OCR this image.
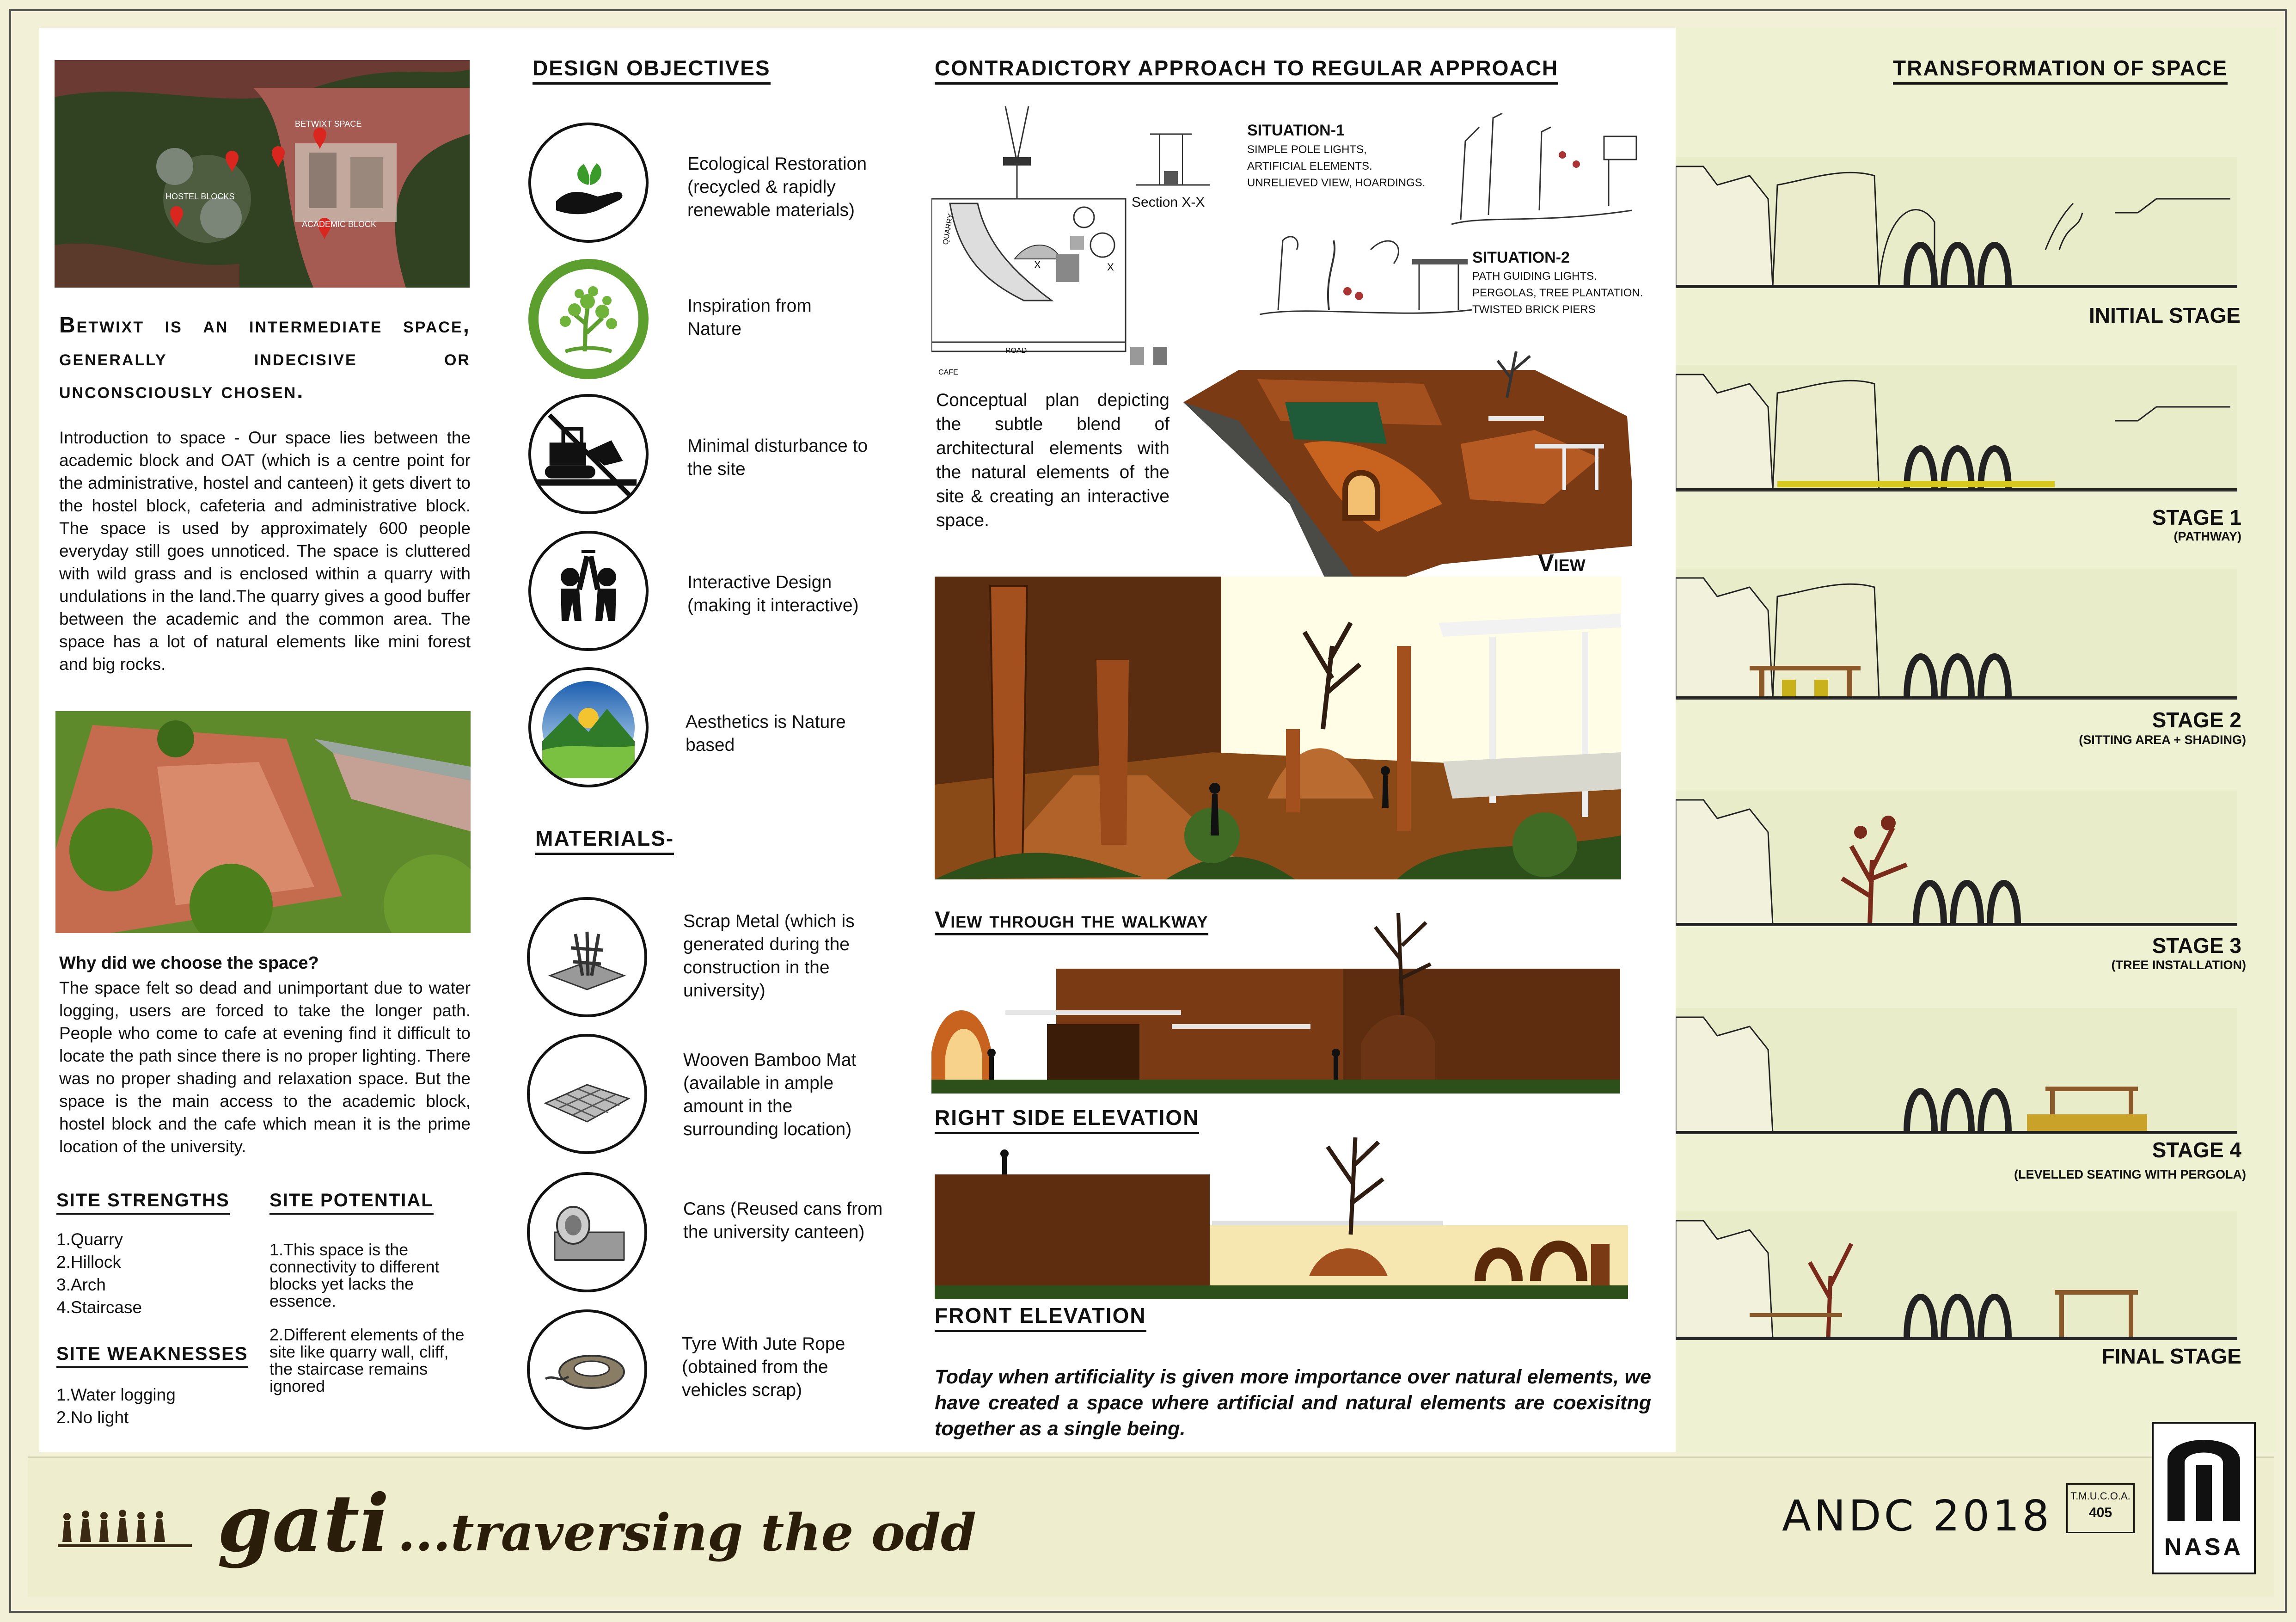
BETWIXT SPACE
HOSTEL BLOCKS
ACADEMIC BLOCK
Betwixt is an intermediate space, generally indecisive or unconsciously chosen.
Introduction to space - Our space lies between the academic block and OAT (which is a centre point for the administrative, hostel and canteen) it gets divert to the hostel block, cafeteria and administrative block. The space is used by approximately 600 people everyday still goes unnoticed. The space is cluttered with wild grass and is enclosed within a quarry with undulations in the land.The quarry gives a good buffer between the academic and the common area. The space has a lot of natural elements like mini forest and big rocks.
Why did we choose the space?
The space felt so dead and unimportant due to water logging, users are forced to take the longer path. People who come to cafe at evening find it difficult to locate the path since there is no proper lighting. There was no proper shading and relaxation space. But the space is the main access to the academic block, hostel block and the cafe which mean it is the prime location of the university.
SITE STRENGTHS
1.Quarry
2.Hillock
3.Arch
4.Staircase
SITE POTENTIAL
1.This space is the connectivity to different blocks yet lacks the essence.
2.Different elements of the site like quarry wall, cliff, the staircase remains ignored
SITE WEAKNESSES
1.Water logging
2.No light
DESIGN OBJECTIVES
Ecological Restoration (recycled & rapidly renewable materials)
Inspiration from Nature
Minimal disturbance to the site
Interactive Design (making it interactive)
Aesthetics is Nature based
MATERIALS-
Scrap Metal (which is generated during the construction in the university)
Wooven Bamboo Mat (available in ample amount in the surrounding location)
Cans (Reused cans from the university canteen)
Tyre With Jute Rope (obtained from the vehicles scrap)
CONTRADICTORY APPROACH TO REGULAR APPROACH
QUARRY
ROAD
CAFE
X	X
Section X-X
SITUATION-1
SIMPLE POLE LIGHTS,
ARTIFICIAL ELEMENTS.
UNRELIEVED VIEW, HOARDINGS.
SITUATION-2
PATH GUIDING LIGHTS.
PERGOLAS, TREE PLANTATION.
TWISTED BRICK PIERS
Conceptual plan depicting the subtle blend of architectural elements with the natural elements of the site & creating an interactive space.
View
View through the walkway
RIGHT SIDE ELEVATION
FRONT ELEVATION
Today when artificiality is given more importance over natural elements, we have created a space where artificial and natural elements are coexisitng together as a single being.
TRANSFORMATION OF SPACE
INITIAL STAGE
STAGE 1
(PATHWAY)
STAGE 2
(SITTING AREA + SHADING)
STAGE 3
(TREE INSTALLATION)
STAGE 4
(LEVELLED SEATING WITH PERGOLA)
FINAL STAGE
gati ...traversing the odd	ANDC 2018 T.M.U.C.O.A.
405
NASA
